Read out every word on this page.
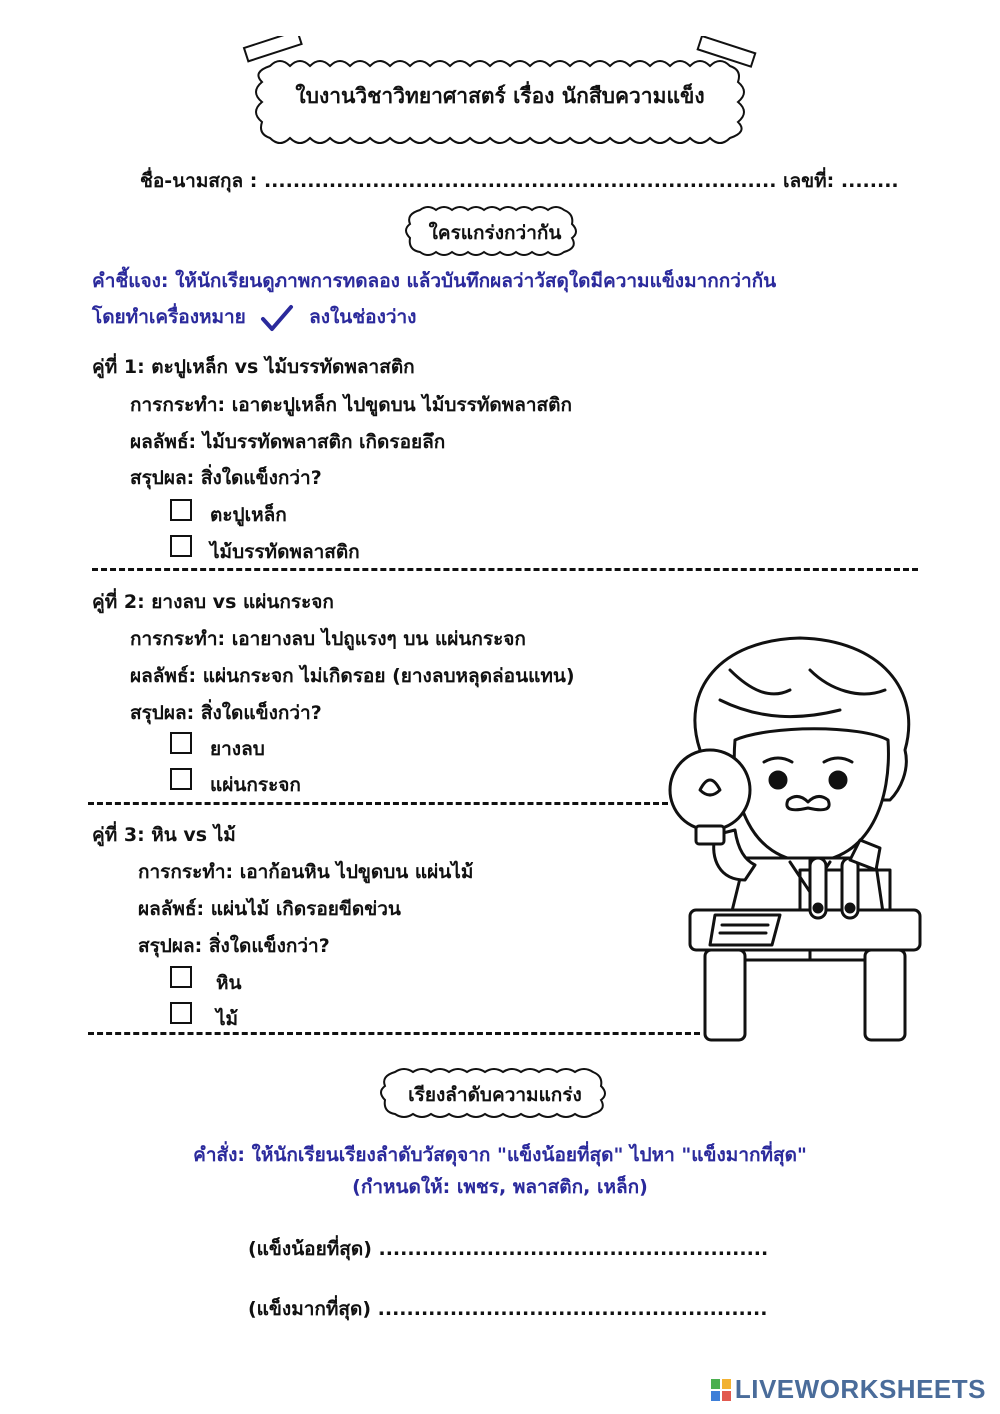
ใบงานวิชาวิทยาศาสตร์ เรื่อง นักสืบความแข็ง
ชื่อ-นามสกุล : ....................................................................... เลขที่: ........
ใครแกร่งกว่ากัน
คำชี้แจง: ให้นักเรียนดูภาพการทดลอง แล้วบันทึกผลว่าวัสดุใดมีความแข็งมากกว่ากัน
โดยทำเครื่องหมาย	ลงในช่องว่าง
คู่ที่ 1: ตะปูเหล็ก vs ไม้บรรทัดพลาสติก
การกระทำ: เอาตะปูเหล็ก ไปขูดบน ไม้บรรทัดพลาสติก
ผลลัพธ์: ไม้บรรทัดพลาสติก เกิดรอยลึก
สรุปผล: สิ่งใดแข็งกว่า?
ตะปูเหล็ก
ไม้บรรทัดพลาสติก
คู่ที่ 2: ยางลบ vs แผ่นกระจก
การกระทำ: เอายางลบ ไปถูแรงๆ บน แผ่นกระจก
ผลลัพธ์: แผ่นกระจก ไม่เกิดรอย (ยางลบหลุดล่อนแทน)
สรุปผล: สิ่งใดแข็งกว่า?
ยางลบ
แผ่นกระจก
คู่ที่ 3: หิน vs ไม้
การกระทำ: เอาก้อนหิน ไปขูดบน แผ่นไม้
ผลลัพธ์: แผ่นไม้ เกิดรอยขีดข่วน
สรุปผล: สิ่งใดแข็งกว่า?
หิน
ไม้
เรียงลำดับความแกร่ง
คำสั่ง: ให้นักเรียนเรียงลำดับวัสดุจาก "แข็งน้อยที่สุด" ไปหา "แข็งมากที่สุด"
(กำหนดให้: เพชร, พลาสติก, เหล็ก)
(แข็งน้อยที่สุด) ......................................................
(แข็งมากที่สุด) ......................................................
LIVEWORKSHEETS
